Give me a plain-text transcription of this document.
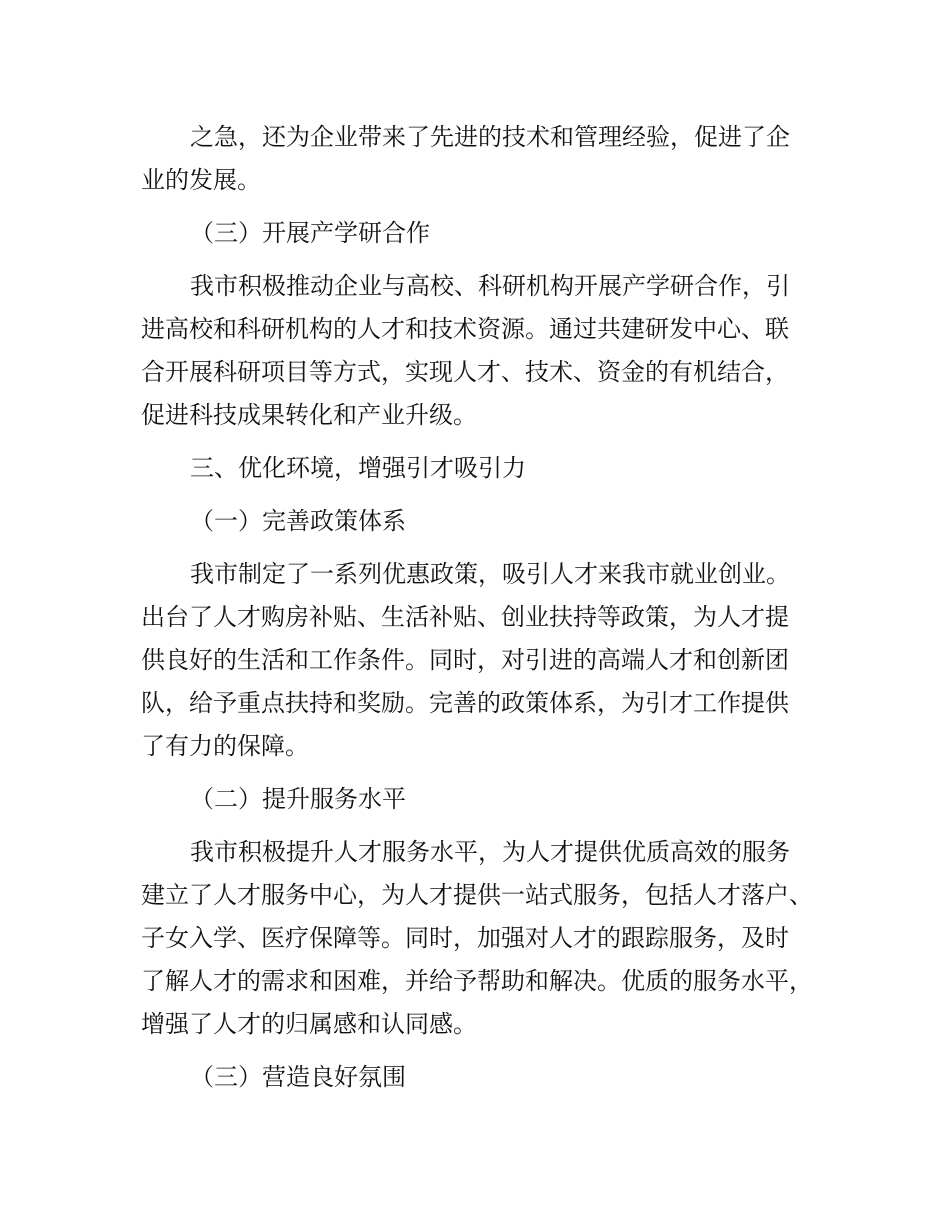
之急，还为企业带来了先进的技术和管理经验，促进了企
业的发展。
（三）开展产学研合作
我市积极推动企业与高校、科研机构开展产学研合作，引
进高校和科研机构的人才和技术资源。通过共建研发中心、联
合开展科研项目等方式，实现人才、技术、资金的有机结合，
促进科技成果转化和产业升级。
三、优化环境，增强引才吸引力
（一）完善政策体系
我市制定了一系列优惠政策，吸引人才来我市就业创业。
出台了人才购房补贴、生活补贴、创业扶持等政策，为人才提
供良好的生活和工作条件。同时，对引进的高端人才和创新团
队，给予重点扶持和奖励。完善的政策体系，为引才工作提供
了有力的保障。
（二）提升服务水平
我市积极提升人才服务水平，为人才提供优质高效的服务
建立了人才服务中心，为人才提供一站式服务，包括人才落户、
子女入学、医疗保障等。同时，加强对人才的跟踪服务，及时
了解人才的需求和困难，并给予帮助和解决。优质的服务水平，
增强了人才的归属感和认同感。
（三）营造良好氛围
